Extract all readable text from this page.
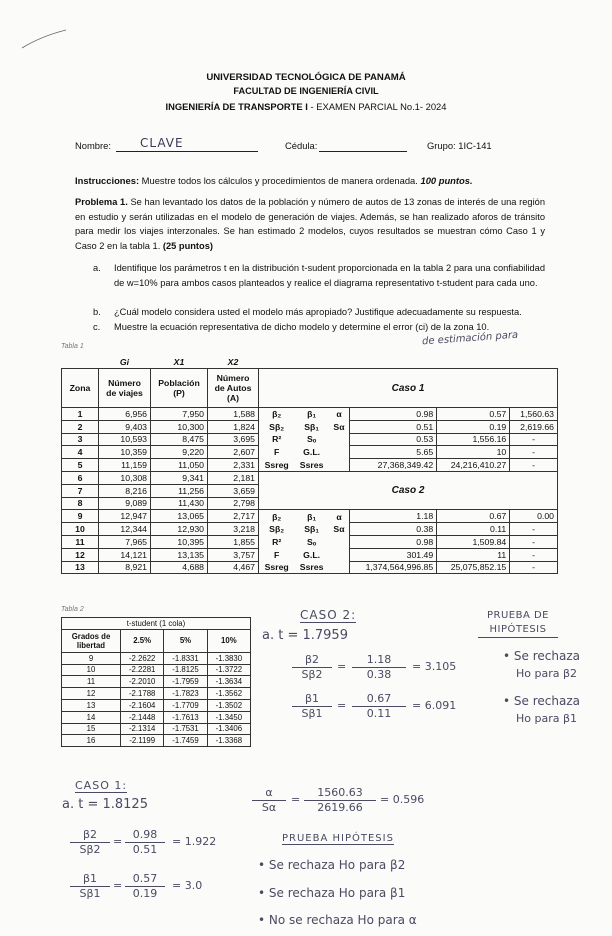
UNIVERSIDAD TECNOLÓGICA DE PANAMÁ
FACULTAD DE INGENIERÍA CIVIL
INGENIERÍA DE TRANSPORTE I - EXAMEN PARCIAL No.1- 2024
Nombre: CLAVE	Cédula:	Grupo: 1IC-141
Instrucciones: Muestre todos los cálculos y procedimientos de manera ordenada. 100 puntos.
Problema 1. Se han levantado los datos de la población y número de autos de 13 zonas de interés de una región en estudio y serán utilizadas en el modelo de generación de viajes. Además, se han realizado aforos de tránsito para medir los viajes interzonales. Se han estimado 2 modelos, cuyos resultados se muestran cómo Caso 1 y Caso 2 en la tabla 1. (25 puntos)
a. Identifique los parámetros t en la distribución t-sudent proporcionada en la tabla 2 para una confiabilidad de w=10% para ambos casos planteados y realice el diagrama representativo t-student para cada uno.
b. ¿Cuál modelo considera usted el modelo más apropiado? Justifique adecuadamente su respuesta.
c. Muestre la ecuación representativa de dicho modelo y determine el error (ci) de la zona 10.
de estimación para
Tabla 1
	Gi	X1	X2						
Zona	Número de viajes	Población (P)	Número de Autos (A)	Caso 1					
1	6,956	7,950	1,588	β₂	β₁	α	0.98	0.57	1,560.63
2	9,403	10,300	1,824	Sβ₂	Sβ₁	Sα	0.51	0.19	2,619.66
3	10,593	8,475	3,695	R²	Sₒ		0.53	1,556.16	-
4	10,359	9,220	2,607	F	G.L.		5.65	10	-
5	11,159	11,050	2,331	Ssreg	Ssres		27,368,349.42	24,216,410.27	-
6	10,308	9,341	2,181	Caso 2					
7	8,216	11,256	3,659						
8	9,089	11,430	2,798						
9	12,947	13,065	2,717	β₂	β₁	α	1.18	0.67	0.00
10	12,344	12,930	3,218	Sβ₂	Sβ₁	Sα	0.38	0.11	-
11	7,965	10,395	1,855	R²	Sₒ		0.98	1,509.84	-
12	14,121	13,135	3,757	F	G.L.		301.49	11	-
13	8,921	4,688	4,467	Ssreg	Ssres		1,374,564,996.85	25,075,852.15	-
Tabla 2
t-student (1 cola)			
Grados de libertad	2.5%	5%	10%
9	-2.2622	-1.8331	-1.3830
10	-2.2281	-1.8125	-1.3722
11	-2.2010	-1.7959	-1.3634
12	-2.1788	-1.7823	-1.3562
13	-2.1604	-1.7709	-1.3502
14	-2.1448	-1.7613	-1.3450
15	-2.1314	-1.7531	-1.3406
16	-2.1199	-1.7459	-1.3368
CASO 2:
a. t = 1.7959
$\frac{\beta 2}{S\beta 2} = \frac{1.18}{0.38} = 3.105$
$\frac{\beta 1}{S\beta 1} = \frac{0.67}{0.11} = 6.091$
PRUEBA DE HIPÓTESIS
• Se rechaza
Ho para β2
• Se rechaza
Ho para β1
CASO 1:
a. t = 1.8125
$\frac{\beta 2}{S\beta 2} = \frac{0.98}{0.51} = 1.922$
$\frac{\beta 1}{S\beta 1} = \frac{0.57}{0.19} = 3.0$
$\frac{\alpha}{S\alpha} = \frac{1560.63}{2619.66} = 0.596$
PRUEBA HIPÓTESIS
• Se rechaza Ho para β2
• Se rechaza Ho para β1
• No se rechaza Ho para α
